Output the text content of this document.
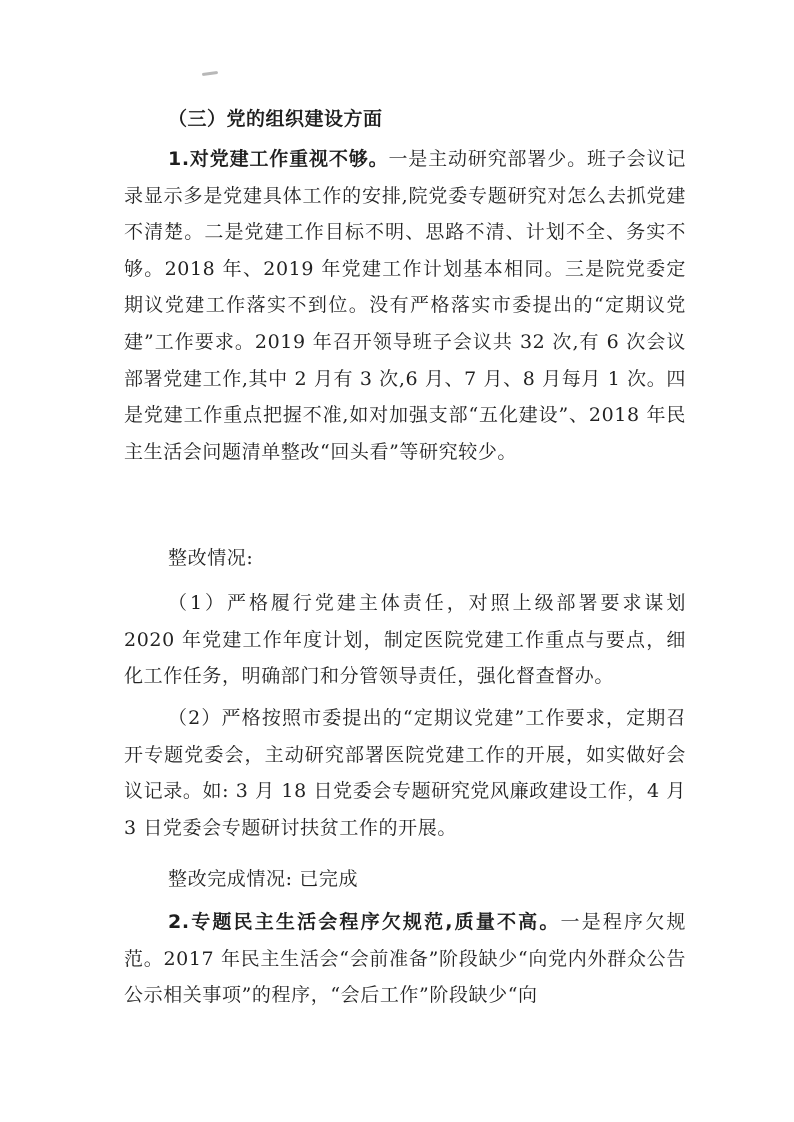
（三）党的组织建设方面

1.对党建工作重视不够。一是主动研究部署少。班子会议记录显示多是党建具体工作的安排,院党委专题研究对怎么去抓党建不清楚。二是党建工作目标不明、思路不清、计划不全、务实不够。2018 年、2019 年党建工作计划基本相同。三是院党委定期议党建工作落实不到位。没有严格落实市委提出的“定期议党建”工作要求。2019 年召开领导班子会议共 32 次,有 6 次会议部署党建工作,其中 2 月有 3 次,6 月、7 月、8 月每月 1 次。四是党建工作重点把握不准,如对加强支部“五化建设”、2018 年民主生活会问题清单整改“回头看”等研究较少。

整改情况:

（1）严格履行党建主体责任，对照上级部署要求谋划 2020 年党建工作年度计划，制定医院党建工作重点与要点，细化工作任务，明确部门和分管领导责任，强化督查督办。

（2）严格按照市委提出的“定期议党建”工作要求，定期召开专题党委会，主动研究部署医院党建工作的开展，如实做好会议记录。如: 3 月 18 日党委会专题研究党风廉政建设工作，4 月 3 日党委会专题研讨扶贫工作的开展。

整改完成情况: 已完成

2.专题民主生活会程序欠规范,质量不高。一是程序欠规范。2017 年民主生活会“会前准备”阶段缺少“向党内外群众公告公示相关事项”的程序，“会后工作”阶段缺少“向
